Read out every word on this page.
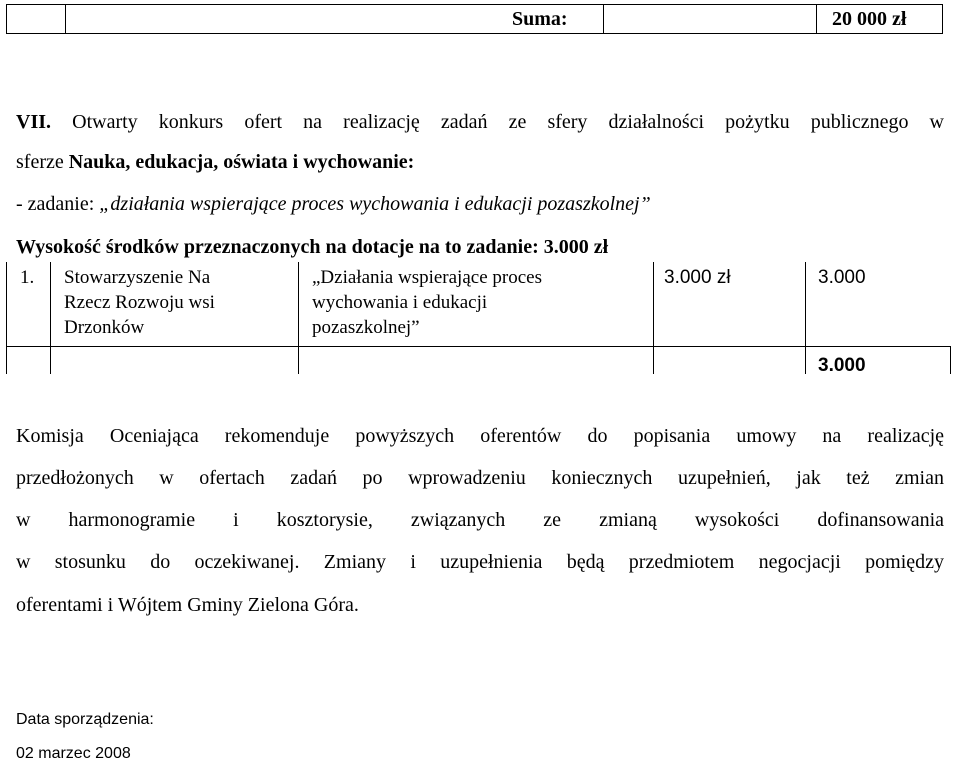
Suma:	20 000 zł
VII. Otwarty konkurs ofert na realizację zadań ze sfery działalności pożytku publicznego w
sferze Nauka, edukacja, oświata i wychowanie:
- zadanie: „działania wspierające proces wychowania i edukacji pozaszkolnej”
Wysokość środków przeznaczonych na dotacje na to zadanie: 3.000 zł
1. Stowarzyszenie Na
Rzecz Rozwoju wsi
Drzonków
„Działania wspierające proces
wychowania i edukacji
pozaszkolnej”
3.000 zł	3.000
3.000
Komisja Oceniająca rekomenduje powyższych oferentów do popisania umowy na realizację
przedłożonych w ofertach zadań po wprowadzeniu koniecznych uzupełnień, jak też zmian
w harmonogramie i kosztorysie, związanych ze zmianą wysokości dofinansowania
w stosunku do oczekiwanej. Zmiany i uzupełnienia będą przedmiotem negocjacji pomiędzy
oferentami i Wójtem Gminy Zielona Góra.
Data sporządzenia:
02 marzec 2008
